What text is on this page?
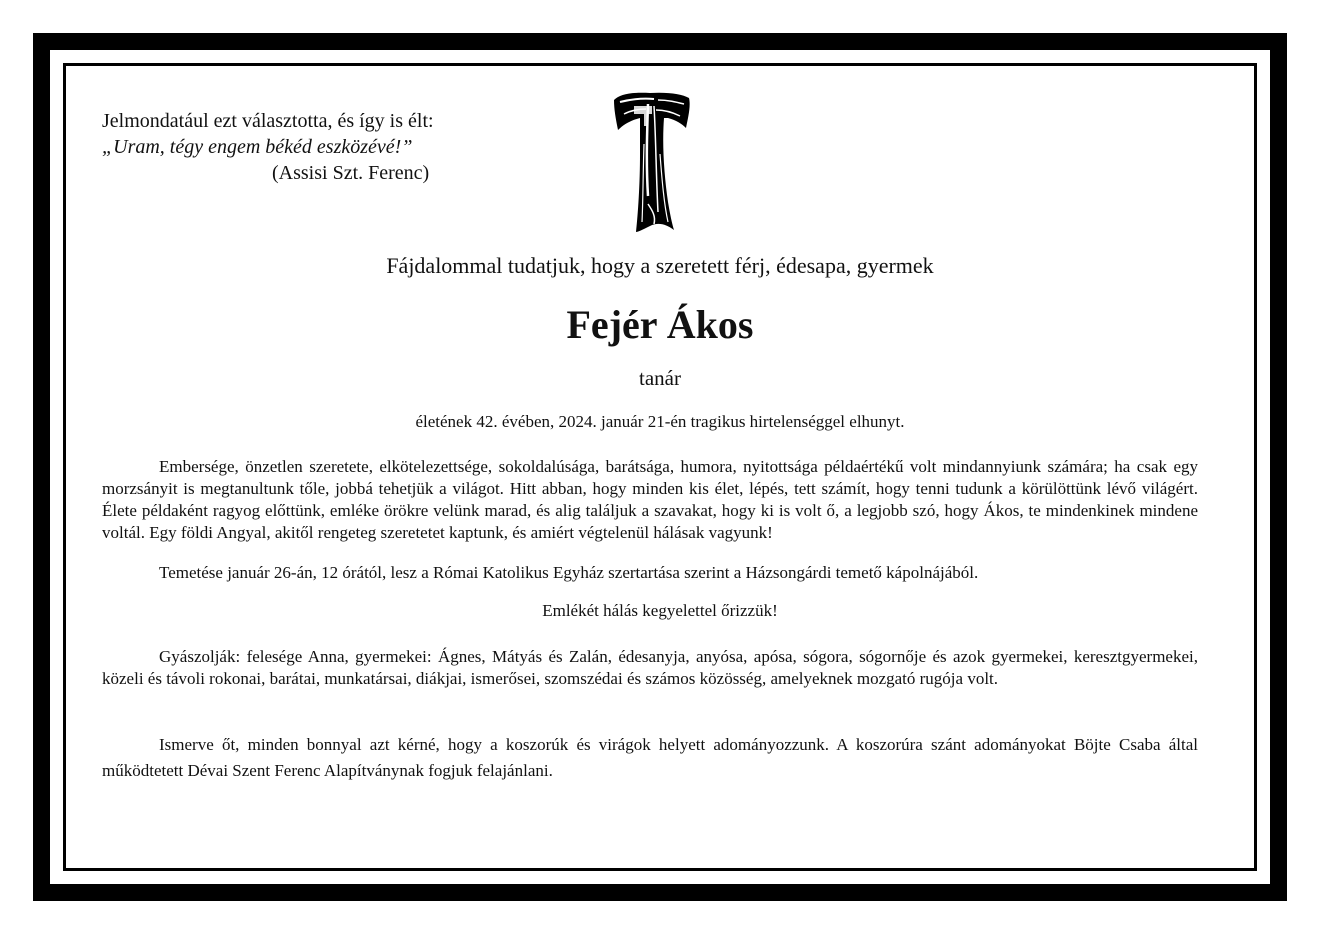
Jelmondatául ezt választotta, és így is élt:
„Uram, tégy engem békéd eszközévé!”
(Assisi Szt. Ferenc)
Fájdalommal tudatjuk, hogy a szeretett férj, édesapa, gyermek
Fejér Ákos
tanár
életének 42. évében, 2024. január 21-én tragikus hirtelenséggel elhunyt.
Embersége, önzetlen szeretete, elkötelezettsége, sokoldalúsága, barátsága, humora, nyitottsága példaértékű volt mindannyiunk számára; ha csak egy morzsányit is megtanultunk tőle, jobbá tehetjük a világot. Hitt abban, hogy minden kis élet, lépés, tett számít, hogy tenni tudunk a körülöttünk lévő világért. Élete példaként ragyog előttünk, emléke örökre velünk marad, és alig találjuk a szavakat, hogy ki is volt ő, a legjobb szó, hogy Ákos, te mindenkinek mindene voltál. Egy földi Angyal, akitől rengeteg szeretetet kaptunk, és amiért végtelenül hálásak vagyunk!
Temetése január 26-án, 12 órától, lesz a Római Katolikus Egyház szertartása szerint a Házsongárdi temető kápolnájából.
Emlékét hálás kegyelettel őrizzük!
Gyászolják: felesége Anna, gyermekei: Ágnes, Mátyás és Zalán, édesanyja, anyósa, apósa, sógora, sógornője és azok gyermekei, keresztgyermekei, közeli és távoli rokonai, barátai, munkatársai, diákjai, ismerősei, szomszédai és számos közösség, amelyeknek mozgató rugója volt.
Ismerve őt, minden bonnyal azt kérné, hogy a koszorúk és virágok helyett adományozzunk. A koszorúra szánt adományokat Böjte Csaba által működtetett Dévai Szent Ferenc Alapítványnak fogjuk felajánlani.
